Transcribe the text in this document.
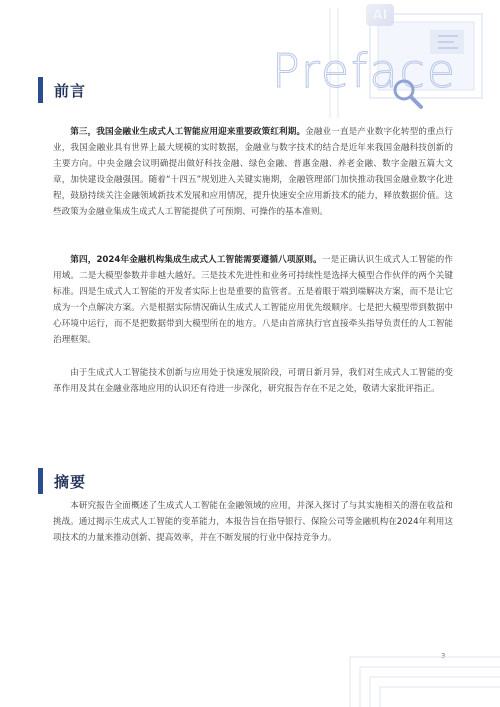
AI
Preface
前言

第三，我国金融业生成式人工智能应用迎来重要政策红利期。金融业一直是产业数字化转型的重点行业，我国金融业具有世界上最大规模的实时数据，金融业与数字技术的结合是近年来我国金融科技创新的主要方向。中央金融会议明确提出做好科技金融、绿色金融、普惠金融、养老金融、数字金融五篇大文章，加快建设金融强国。随着“十四五”规划进入关键实施期，金融管理部门加快推动我国金融业数字化进程，鼓励持续关注金融领域新技术发展和应用情况，提升快速安全应用新技术的能力，释放数据价值。这些政策为金融业集成生成式人工智能提供了可预期、可操作的基本准则。

第四，2024年金融机构集成生成式人工智能需要遵循八项原则。一是正确认识生成式人工智能的作用域。二是大模型参数并非越大越好。三是技术先进性和业务可持续性是选择大模型合作伙伴的两个关键标准。四是生成式人工智能的开发者实际上也是重要的监管者。五是着眼于端到端解决方案，而不是让它成为一个点解决方案。六是根据实际情况确认生成式人工智能应用优先级顺序。七是把大模型带到数据中心环境中运行，而不是把数据带到大模型所在的地方。八是由首席执行官直接牵头指导负责任的人工智能治理框架。

由于生成式人工智能技术创新与应用处于快速发展阶段，可谓日新月异，我们对生成式人工智能的变革作用及其在金融业落地应用的认识还有待进一步深化，研究报告存在不足之处，敬请大家批评指正。

摘要

本研究报告全面概述了生成式人工智能在金融领域的应用，并深入探讨了与其实施相关的潜在收益和挑战。通过揭示生成式人工智能的变革能力，本报告旨在指导银行、保险公司等金融机构在2024年利用这项技术的力量来推动创新、提高效率，并在不断发展的行业中保持竞争力。

3
